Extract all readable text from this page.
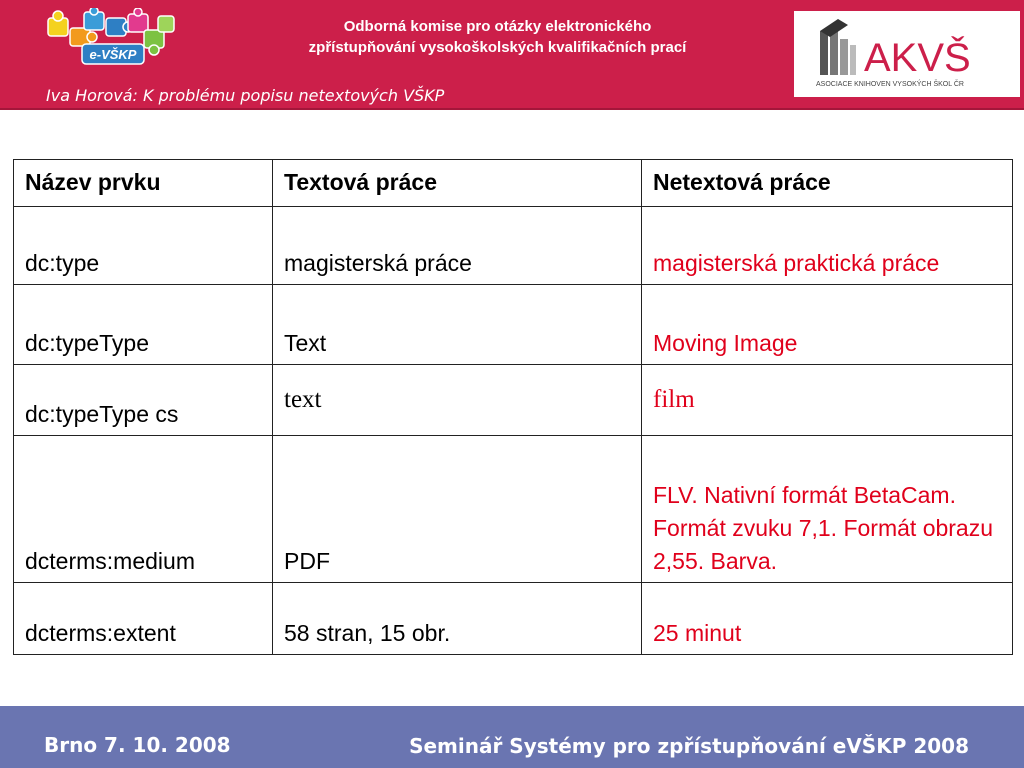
e-VŠKP
Odborná komise pro otázky elektronického
zpřístupňování vysokoškolských kvalifikačních prací
Iva Horová: K problému popisu netextových VŠKP
AKVŠ
ASOCIACE KNIHOVEN VYSOKÝCH ŠKOL ČR
Název prvku	Textová práce	Netextová práce
dc:type	magisterská práce	magisterská praktická práce
dc:typeType	Text	Moving Image
dc:typeType cs	text	film
dcterms:medium	PDF	FLV. Nativní formát BetaCam. Formát zvuku 7,1. Formát obrazu 2,55. Barva.
dcterms:extent	58 stran, 15 obr.	25 minut
Brno 7. 10. 2008	Seminář Systémy pro zpřístupňování eVŠKP 2008
